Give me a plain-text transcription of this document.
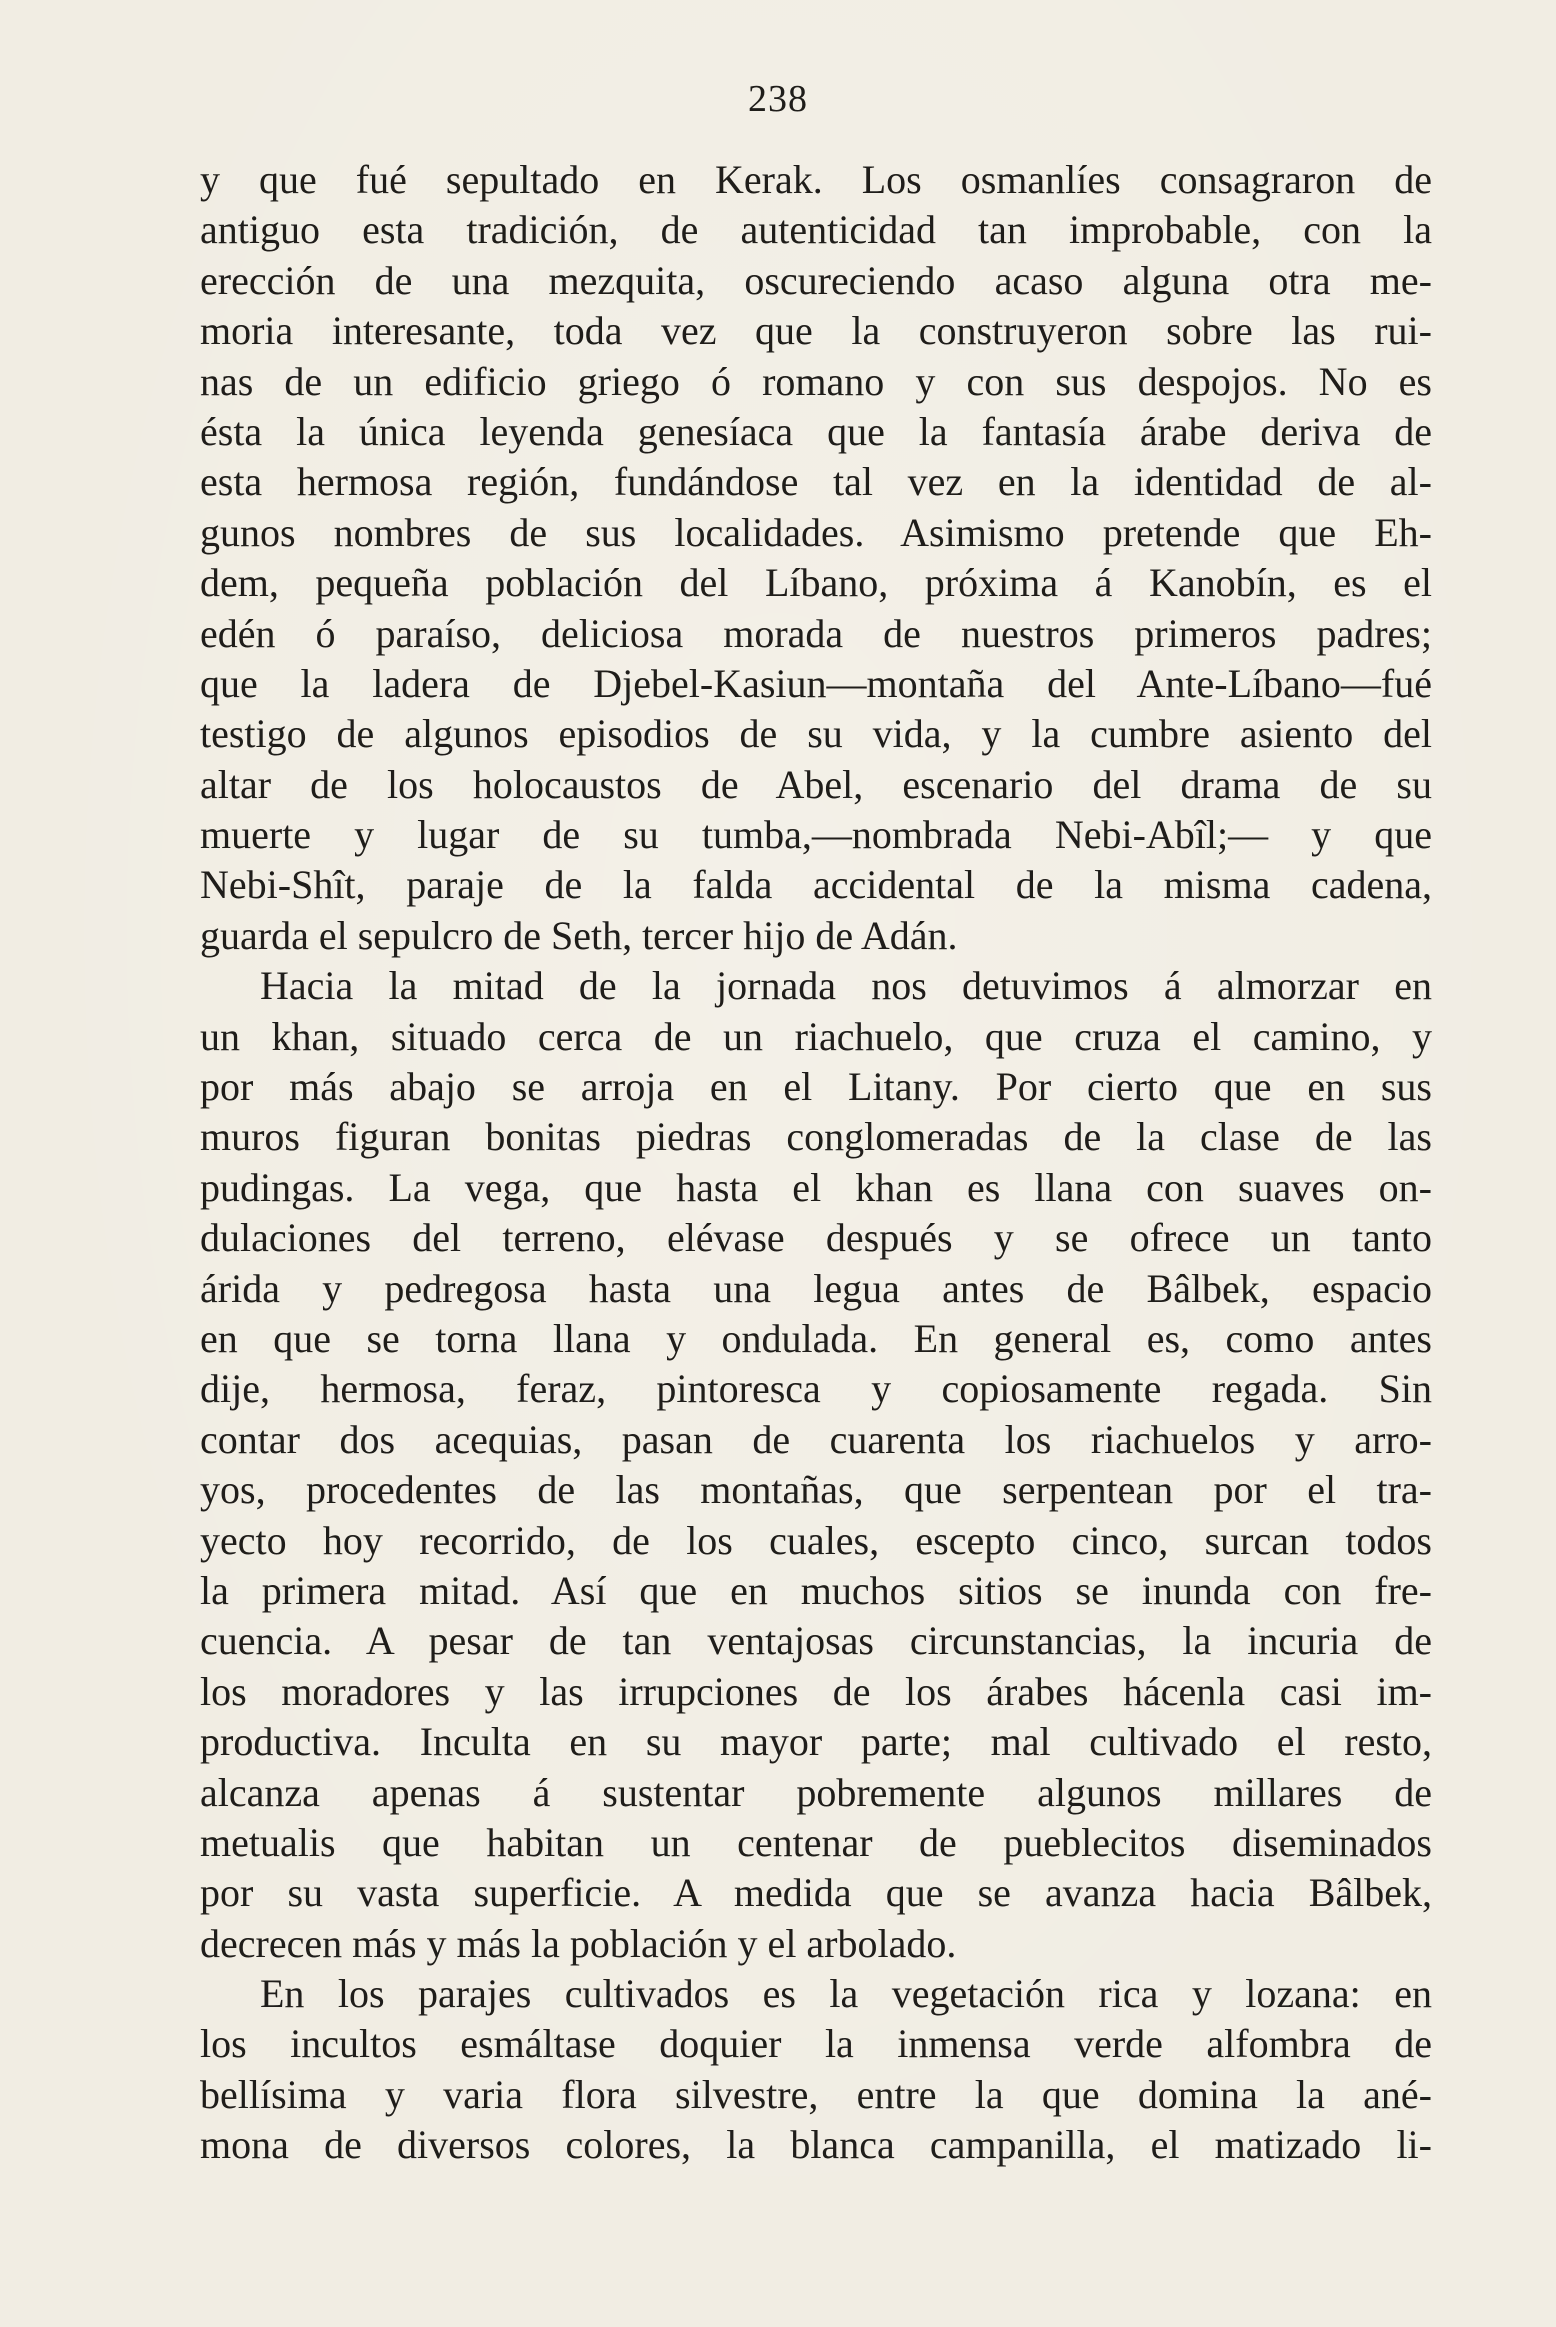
238
y que fué sepultado en Kerak. Los osmanlíes consagraron de
antiguo esta tradición, de autenticidad tan improbable, con la
erección de una mezquita, oscureciendo acaso alguna otra me-
moria interesante, toda vez que la construyeron sobre las rui-
nas de un edificio griego ó romano y con sus despojos. No es
ésta la única leyenda genesíaca que la fantasía árabe deriva de
esta hermosa región, fundándose tal vez en la identidad de al-
gunos nombres de sus localidades. Asimismo pretende que Eh-
dem, pequeña población del Líbano, próxima á Kanobín, es el
edén ó paraíso, deliciosa morada de nuestros primeros padres;
que la ladera de Djebel-Kasiun—montaña del Ante-Líbano—fué
testigo de algunos episodios de su vida, y la cumbre asiento del
altar de los holocaustos de Abel, escenario del drama de su
muerte y lugar de su tumba,—nombrada Nebi-Abîl;— y que
Nebi-Shît, paraje de la falda accidental de la misma cadena,
guarda el sepulcro de Seth, tercer hijo de Adán.
Hacia la mitad de la jornada nos detuvimos á almorzar en
un khan, situado cerca de un riachuelo, que cruza el camino, y
por más abajo se arroja en el Litany. Por cierto que en sus
muros figuran bonitas piedras conglomeradas de la clase de las
pudingas. La vega, que hasta el khan es llana con suaves on-
dulaciones del terreno, elévase después y se ofrece un tanto
árida y pedregosa hasta una legua antes de Bâlbek, espacio
en que se torna llana y ondulada. En general es, como antes
dije, hermosa, feraz, pintoresca y copiosamente regada. Sin
contar dos acequias, pasan de cuarenta los riachuelos y arro-
yos, procedentes de las montañas, que serpentean por el tra-
yecto hoy recorrido, de los cuales, escepto cinco, surcan todos
la primera mitad. Así que en muchos sitios se inunda con fre-
cuencia. A pesar de tan ventajosas circunstancias, la incuria de
los moradores y las irrupciones de los árabes hácenla casi im-
productiva. Inculta en su mayor parte; mal cultivado el resto,
alcanza apenas á sustentar pobremente algunos millares de
metualis que habitan un centenar de pueblecitos diseminados
por su vasta superficie. A medida que se avanza hacia Bâlbek,
decrecen más y más la población y el arbolado.
En los parajes cultivados es la vegetación rica y lozana: en
los incultos esmáltase doquier la inmensa verde alfombra de
bellísima y varia flora silvestre, entre la que domina la ané-
mona de diversos colores, la blanca campanilla, el matizado li-
